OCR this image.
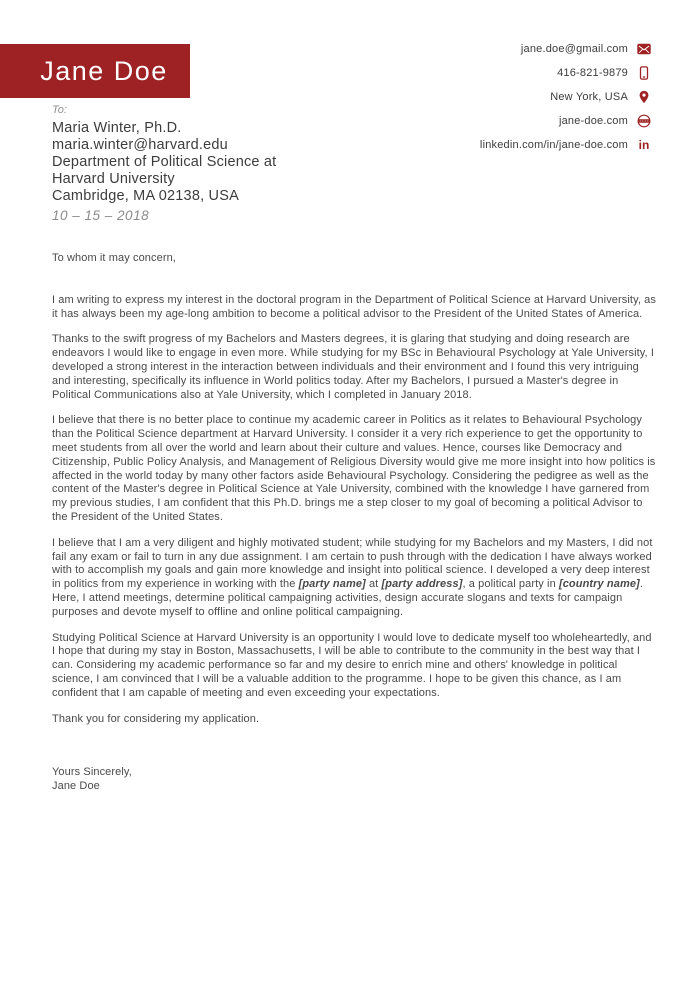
Jane Doe
jane.doe@gmail.com
416-821-9879
New York, USA
jane-doe.com
linkedin.com/in/jane-doe.com in
To:
Maria Winter, Ph.D.
maria.winter@harvard.edu
Department of Political Science at
Harvard University
Cambridge, MA 02138, USA
10 – 15 – 2018

To whom it may concern,

I am writing to express my interest in the doctoral program in the Department of Political Science at Harvard University, as it has always been my age-long ambition to become a political advisor to the President of the United States of America.

Thanks to the swift progress of my Bachelors and Masters degrees, it is glaring that studying and doing research are endeavors I would like to engage in even more. While studying for my BSc in Behavioural Psychology at Yale University, I developed a strong interest in the interaction between individuals and their environment and I found this very intriguing and interesting, specifically its influence in World politics today. After my Bachelors, I pursued a Master's degree in Political Communications also at Yale University, which I completed in January 2018.

I believe that there is no better place to continue my academic career in Politics as it relates to Behavioural Psychology than the Political Science department at Harvard University. I consider it a very rich experience to get the opportunity to meet students from all over the world and learn about their culture and values. Hence, courses like Democracy and Citizenship, Public Policy Analysis, and Management of Religious Diversity would give me more insight into how politics is affected in the world today by many other factors aside Behavioural Psychology. Considering the pedigree as well as the content of the Master's degree in Political Science at Yale University, combined with the knowledge I have garnered from my previous studies, I am confident that this Ph.D. brings me a step closer to my goal of becoming a political Advisor to the President of the United States.

I believe that I am a very diligent and highly motivated student; while studying for my Bachelors and my Masters, I did not fail any exam or fail to turn in any due assignment. I am certain to push through with the dedication I have always worked with to accomplish my goals and gain more knowledge and insight into political science. I developed a very deep interest in politics from my experience in working with the [party name] at [party address], a political party in [country name]. Here, I attend meetings, determine political campaigning activities, design accurate slogans and texts for campaign purposes and devote myself to offline and online political campaigning.

Studying Political Science at Harvard University is an opportunity I would love to dedicate myself too wholeheartedly, and I hope that during my stay in Boston, Massachusetts, I will be able to contribute to the community in the best way that I can. Considering my academic performance so far and my desire to enrich mine and others' knowledge in political science, I am convinced that I will be a valuable addition to the programme. I hope to be given this chance, as I am confident that I am capable of meeting and even exceeding your expectations.

Thank you for considering my application.

Yours Sincerely,

Jane Doe
